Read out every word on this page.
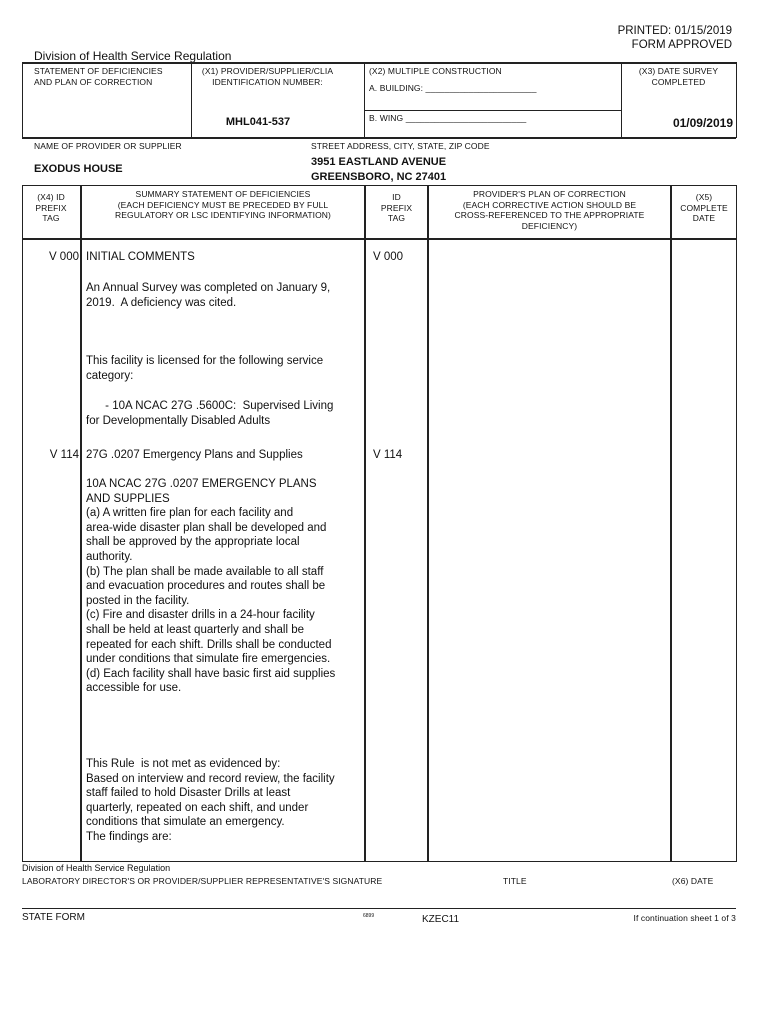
PRINTED: 01/15/2019
FORM APPROVED
Division of Health Service Regulation
STATEMENT OF DEFICIENCIES
AND PLAN OF CORRECTION
(X1) PROVIDER/SUPPLIER/CLIA
IDENTIFICATION NUMBER:
MHL041-537
(X2) MULTIPLE CONSTRUCTION
A. BUILDING: _______________________
B. WING _________________________
(X3) DATE SURVEY
COMPLETED
01/09/2019
NAME OF PROVIDER OR SUPPLIER
EXODUS HOUSE
STREET ADDRESS, CITY, STATE, ZIP CODE
3951 EASTLAND AVENUE
GREENSBORO, NC 27401
(X4) ID
PREFIX
TAG
SUMMARY STATEMENT OF DEFICIENCIES
(EACH DEFICIENCY MUST BE PRECEDED BY FULL
REGULATORY OR LSC IDENTIFYING INFORMATION)
ID
PREFIX
TAG
PROVIDER'S PLAN OF CORRECTION
(EACH CORRECTIVE ACTION SHOULD BE
CROSS-REFERENCED TO THE APPROPRIATE
DEFICIENCY)
(X5)
COMPLETE
DATE
V 000 INITIAL COMMENTS	V 000
An Annual Survey was completed on January 9,
2019.  A deficiency was cited.
This facility is licensed for the following service
category:
- 10A NCAC 27G .5600C:  Supervised Living
for Developmentally Disabled Adults
V 114 27G .0207 Emergency Plans and Supplies	V 114
10A NCAC 27G .0207 EMERGENCY PLANS
AND SUPPLIES
(a) A written fire plan for each facility and
area-wide disaster plan shall be developed and
shall be approved by the appropriate local
authority.
(b) The plan shall be made available to all staff
and evacuation procedures and routes shall be
posted in the facility.
(c) Fire and disaster drills in a 24-hour facility
shall be held at least quarterly and shall be
repeated for each shift. Drills shall be conducted
under conditions that simulate fire emergencies.
(d) Each facility shall have basic first aid supplies
accessible for use.
This Rule  is not met as evidenced by:
Based on interview and record review, the facility
staff failed to hold Disaster Drills at least
quarterly, repeated on each shift, and under
conditions that simulate an emergency.
The findings are:
Division of Health Service Regulation
LABORATORY DIRECTOR'S OR PROVIDER/SUPPLIER REPRESENTATIVE'S SIGNATURE	TITLE	(X6) DATE
STATE FORM	6899	KZEC11	If continuation sheet 1 of 3
